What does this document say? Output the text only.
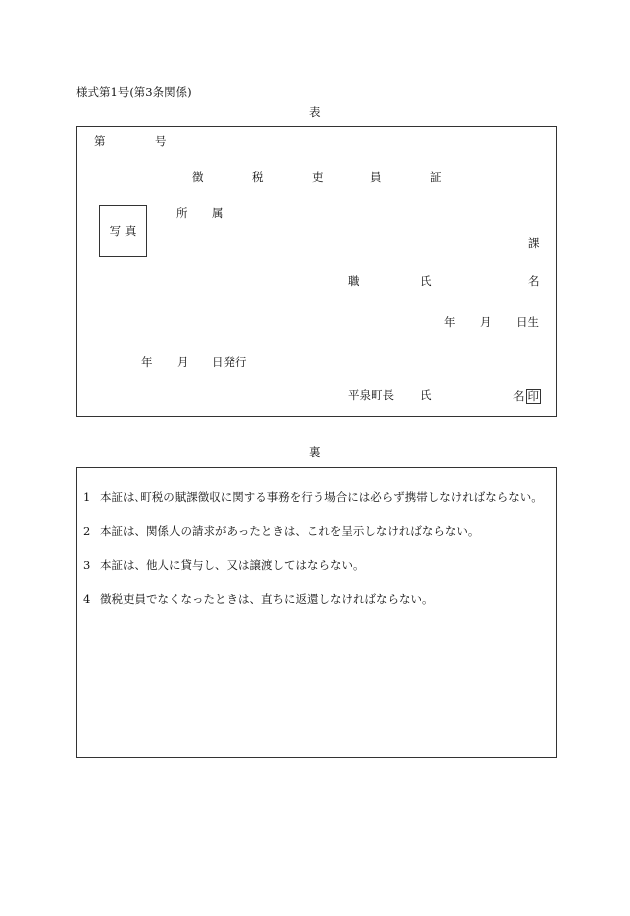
様式第1号(第3条関係)
表
第	号
徴	税	吏	員	証
写 真
所 属
課
職	氏	名
年 月 日生
年 月 日発行
平泉町長 氏	名 印
裏
1 本証は､町税の賦課徴収に関する事務を行う場合には必らず携帯しなければならない。
2 本証は、関係人の請求があったときは、これを呈示しなければならない。
3 本証は、他人に貸与し、又は譲渡してはならない。
4 徴税吏員でなくなったときは、直ちに返還しなければならない。
